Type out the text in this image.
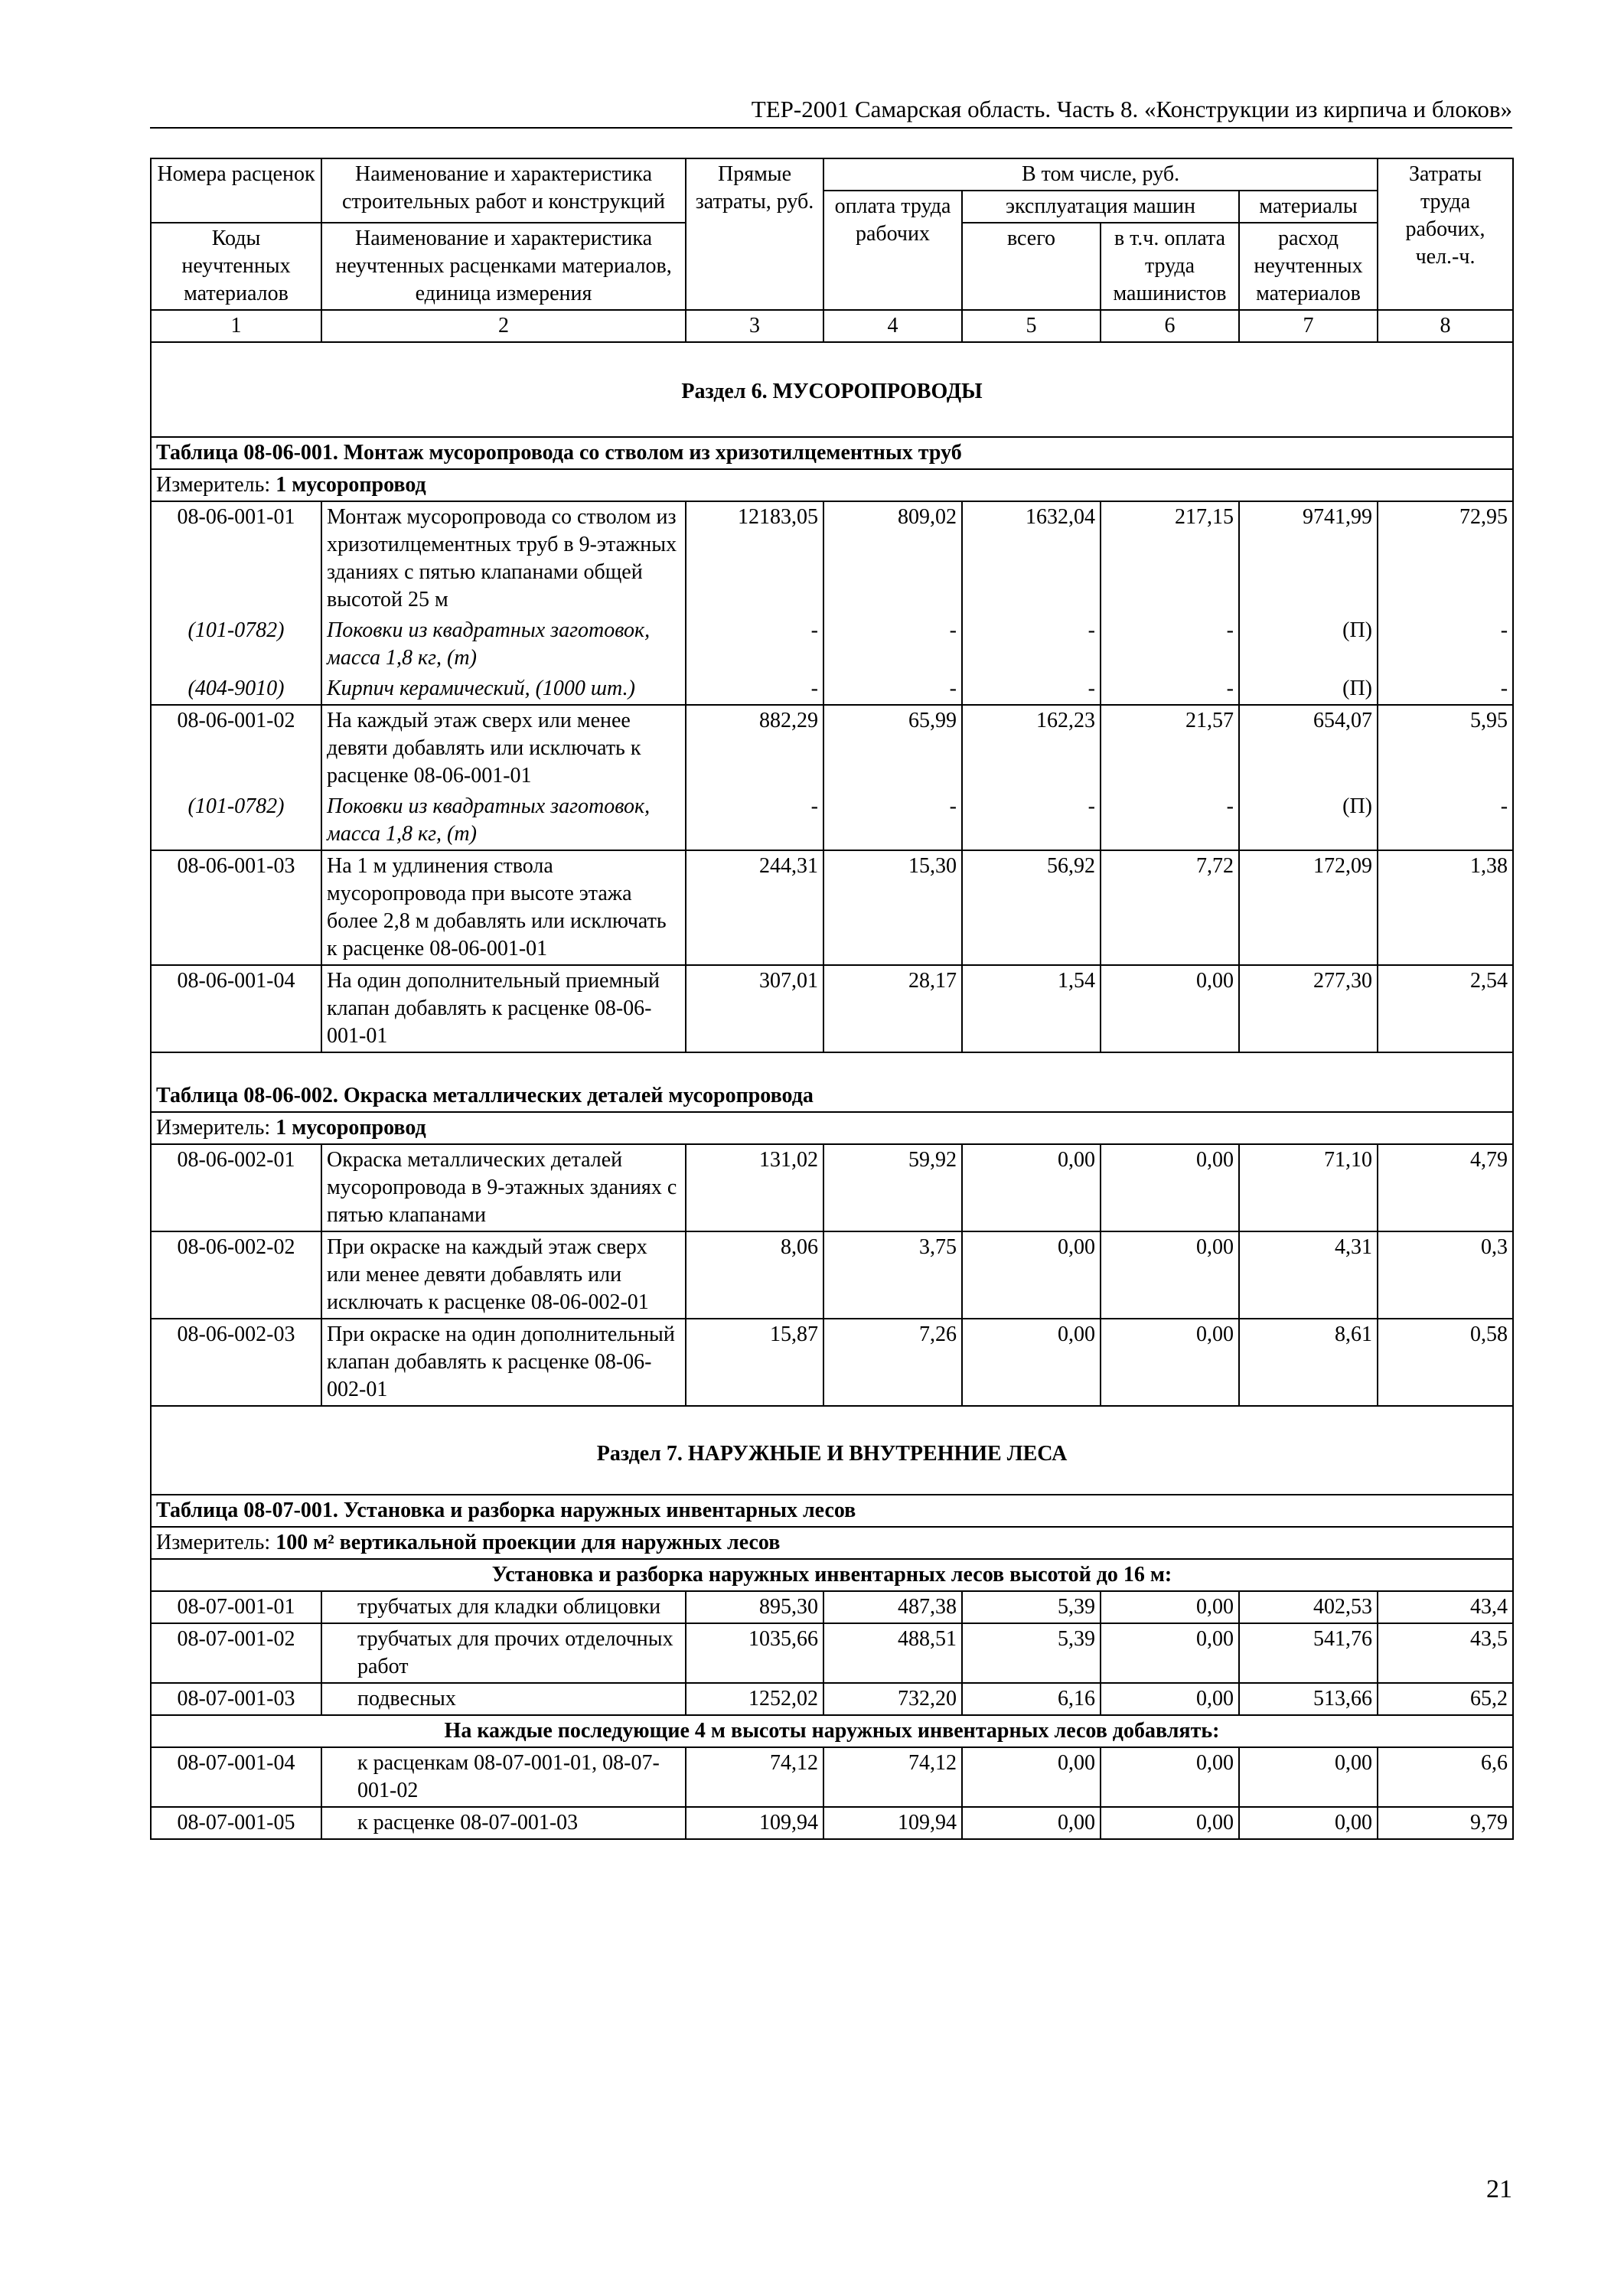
ТЕР-2001 Самарская область. Часть 8. «Конструкции из кирпича и блоков»
Номера расценок	Наименование и характеристика строительных работ и конструкций	Прямые затраты, руб.	В том числе, руб.				Затраты труда рабочих, чел.-ч.
			оплата труда рабочих	эксплуатация машин		материалы	
Коды неучтенных материалов	Наименование и характеристика неучтенных расценками материалов, единица измерения			всего	в т.ч. оплата труда машинистов	расход неучтенных материалов	

1	2	3	4	5	6	7	8
Раздел 6. МУСОРОПРОВОДЫ							
Таблица 08-06-001. Монтаж мусоропровода со стволом из хризотилцементных труб							
Измеритель: 1 мусоропровод							
08-06-001-01	Монтаж мусоропровода со стволом из хризотилцементных труб в 9-этажных зданиях с пятью клапанами общей высотой 25 м	12183,05	809,02	1632,04	217,15	9741,99	72,95
(101-0782)	Поковки из квадратных заготовок, масса 1,8 кг, (т)	-	-	-	-	(П)	-
(404-9010)	Кирпич керамический, (1000 шт.)	-	-	-	-	(П)	-
08-06-001-02	На каждый этаж сверх или менее девяти добавлять или исключать к расценке 08-06-001-01	882,29	65,99	162,23	21,57	654,07	5,95
(101-0782)	Поковки из квадратных заготовок, масса 1,8 кг, (т)	-	-	-	-	(П)	-
08-06-001-03	На 1 м удлинения ствола мусоропровода при высоте этажа более 2,8 м добавлять или исключать к расценке 08-06-001-01	244,31	15,30	56,92	7,72	172,09	1,38
08-06-001-04	На один дополнительный приемный клапан добавлять к расценке 08-06-001-01	307,01	28,17	1,54	0,00	277,30	2,54
Таблица 08-06-002. Окраска металлических деталей мусоропровода							
Измеритель: 1 мусоропровод							
08-06-002-01	Окраска металлических деталей мусоропровода в 9-этажных зданиях с пятью клапанами	131,02	59,92	0,00	0,00	71,10	4,79
08-06-002-02	При окраске на каждый этаж сверх или менее девяти добавлять или исключать к расценке 08-06-002-01	8,06	3,75	0,00	0,00	4,31	0,3
08-06-002-03	При окраске на один дополнительный клапан добавлять к расценке 08-06-002-01	15,87	7,26	0,00	0,00	8,61	0,58
Раздел 7. НАРУЖНЫЕ И ВНУТРЕННИЕ ЛЕСА							
Таблица 08-07-001. Установка и разборка наружных инвентарных лесов							
Измеритель: 100 м² вертикальной проекции для наружных лесов							
Установка и разборка наружных инвентарных лесов высотой до 16 м:							
08-07-001-01	трубчатых для кладки облицовки	895,30	487,38	5,39	0,00	402,53	43,4
08-07-001-02	трубчатых для прочих отделочных работ	1035,66	488,51	5,39	0,00	541,76	43,5
08-07-001-03	подвесных	1252,02	732,20	6,16	0,00	513,66	65,2
На каждые последующие 4 м высоты наружных инвентарных лесов добавлять:							
08-07-001-04	к расценкам 08-07-001-01, 08-07-001-02	74,12	74,12	0,00	0,00	0,00	6,6
08-07-001-05	к расценке 08-07-001-03	109,94	109,94	0,00	0,00	0,00	9,79
21
